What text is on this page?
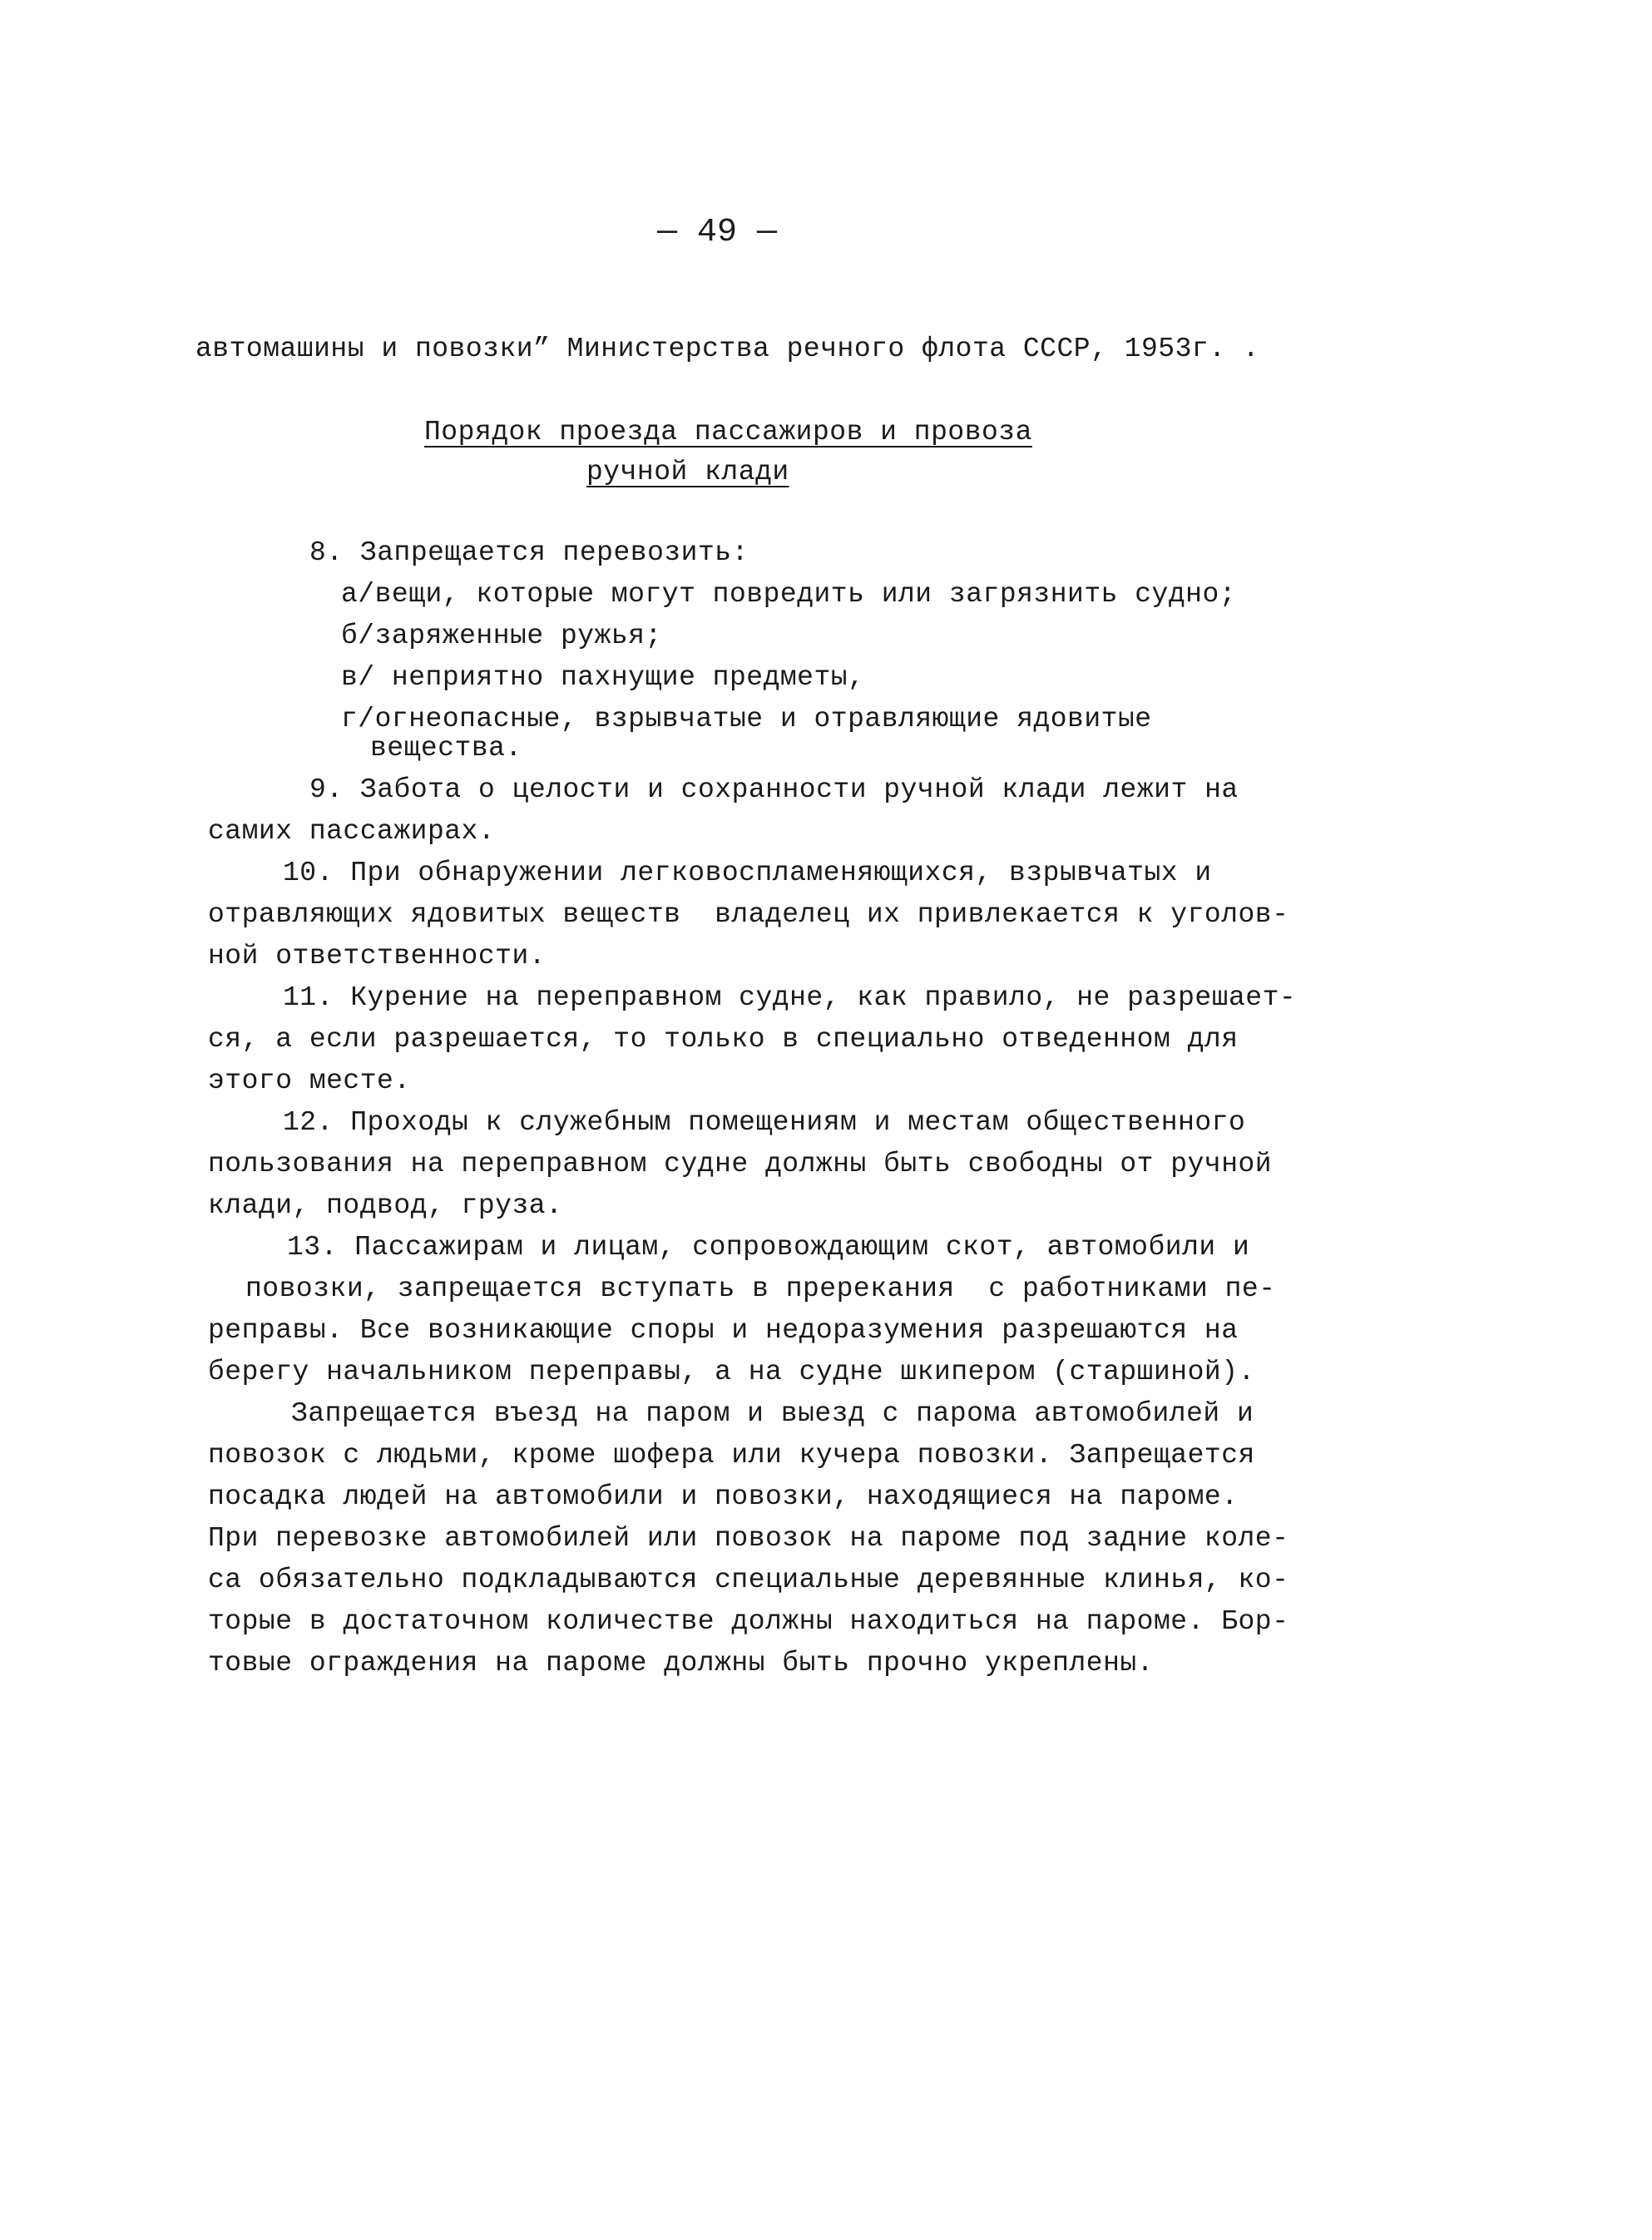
— 49 —
автомашины и повозки” Министерства речного флота СССР, 1953г. .
Порядок проезда пассажиров и провоза
ручной клади
8. Запрещается перевозить:
а/вещи, которые могут повредить или загрязнить судно;
б/заряженные ружья;
в/ неприятно пахнущие предметы,
г/огнеопасные, взрывчатые и отравляющие ядовитые
вещества.
9. Забота о целости и сохранности ручной клади лежит на
самих пассажирах.
10. При обнаружении легковоспламеняющихся, взрывчатых и
отравляющих ядовитых веществ  владелец их привлекается к уголов-
ной ответственности.
11. Курение на переправном судне, как правило, не разрешает-
ся, а если разрешается, то только в специально отведенном для
этого месте.
12. Проходы к служебным помещениям и местам общественного
пользования на переправном судне должны быть свободны от ручной
клади, подвод, груза.
13. Пассажирам и лицам, сопровождающим скот, автомобили и
повозки, запрещается вступать в пререкания  с работниками пе-
реправы. Все возникающие споры и недоразумения разрешаются на
берегу начальником переправы, а на судне шкипером (старшиной).
Запрещается въезд на паром и выезд с парома автомобилей и
повозок с людьми, кроме шофера или кучера повозки. Запрещается
посадка людей на автомобили и повозки, находящиеся на пароме.
При перевозке автомобилей или повозок на пароме под задние коле-
са обязательно подкладываются специальные деревянные клинья, ко-
торые в достаточном количестве должны находиться на пароме. Бор-
товые ограждения на пароме должны быть прочно укреплены.
